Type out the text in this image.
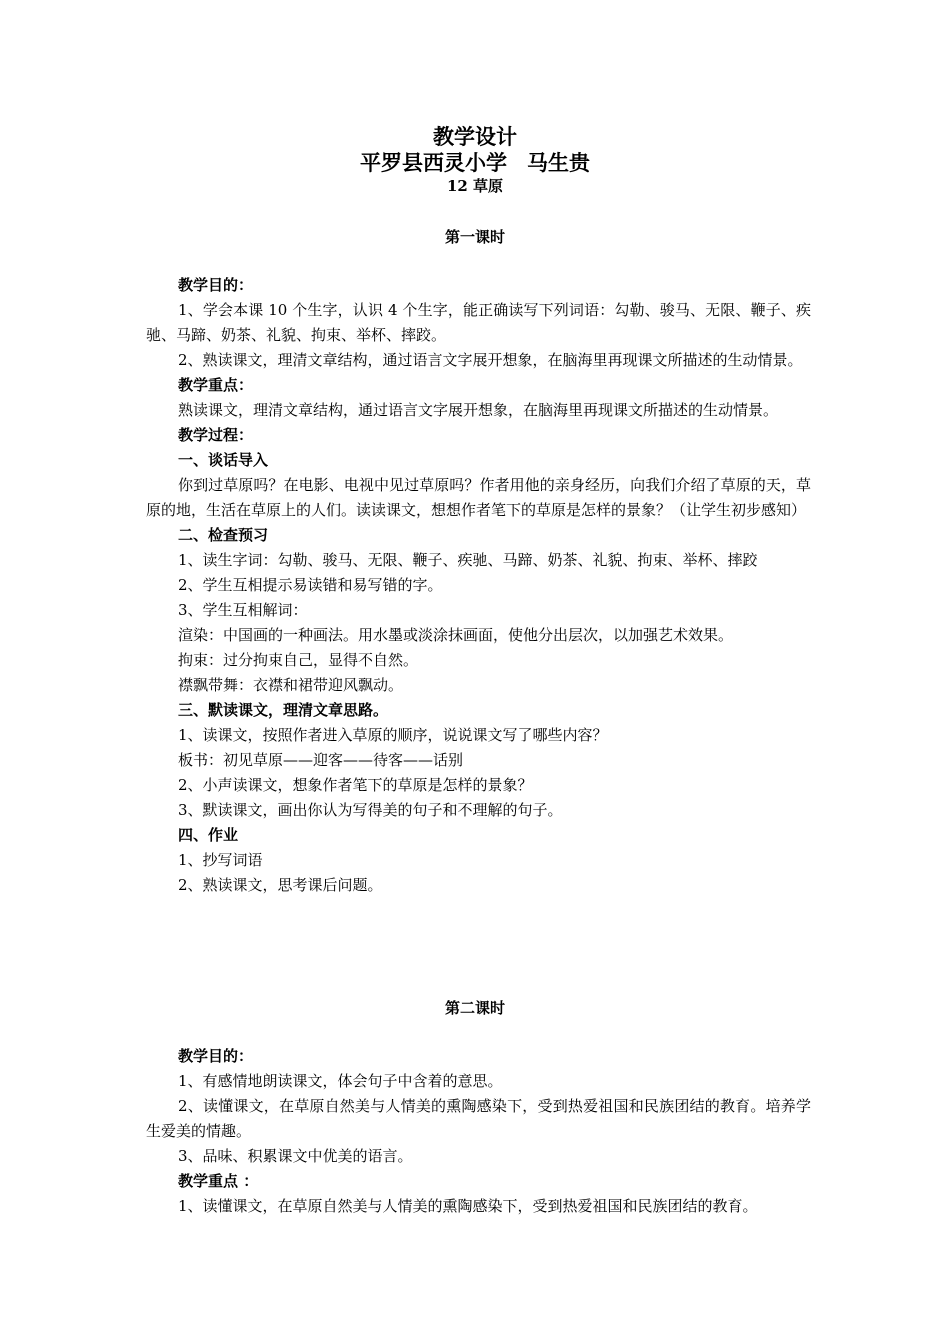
教学设计
平罗县西灵小学 马生贵
12 草原
第一课时

教学目的：

1、学会本课 10 个生字，认识 4 个生字，能正确读写下列词语：勾勒、骏马、无限、鞭子、疾驰、马蹄、奶茶、礼貌、拘束、举杯、摔跤。

2、熟读课文，理清文章结构，通过语言文字展开想象，在脑海里再现课文所描述的生动情景。

教学重点：

熟读课文，理清文章结构，通过语言文字展开想象，在脑海里再现课文所描述的生动情景。

教学过程：

一、谈话导入

你到过草原吗？在电影、电视中见过草原吗？作者用他的亲身经历，向我们介绍了草原的天，草原的地，生活在草原上的人们。读读课文，想想作者笔下的草原是怎样的景象？（让学生初步感知）

二、检查预习

1、读生字词：勾勒、骏马、无限、鞭子、疾驰、马蹄、奶茶、礼貌、拘束、举杯、摔跤

2、学生互相提示易读错和易写错的字。

3、学生互相解词：

渲染：中国画的一种画法。用水墨或淡涂抹画面，使他分出层次，以加强艺术效果。

拘束：过分拘束自己，显得不自然。

襟飘带舞：衣襟和裙带迎风飘动。

三、默读课文，理清文章思路。

1、读课文，按照作者进入草原的顺序，说说课文写了哪些内容？

板书：初见草原——迎客——待客——话别

2、小声读课文，想象作者笔下的草原是怎样的景象？

3、默读课文，画出你认为写得美的句子和不理解的句子。

四、作业

1、抄写词语

2、熟读课文，思考课后问题。

第二课时

教学目的：

1、有感情地朗读课文，体会句子中含着的意思。

2、读懂课文，在草原自然美与人情美的熏陶感染下，受到热爱祖国和民族团结的教育。培养学生爱美的情趣。

3、品味、积累课文中优美的语言。

教学重点 ：

1、读懂课文，在草原自然美与人情美的熏陶感染下，受到热爱祖国和民族团结的教育。
